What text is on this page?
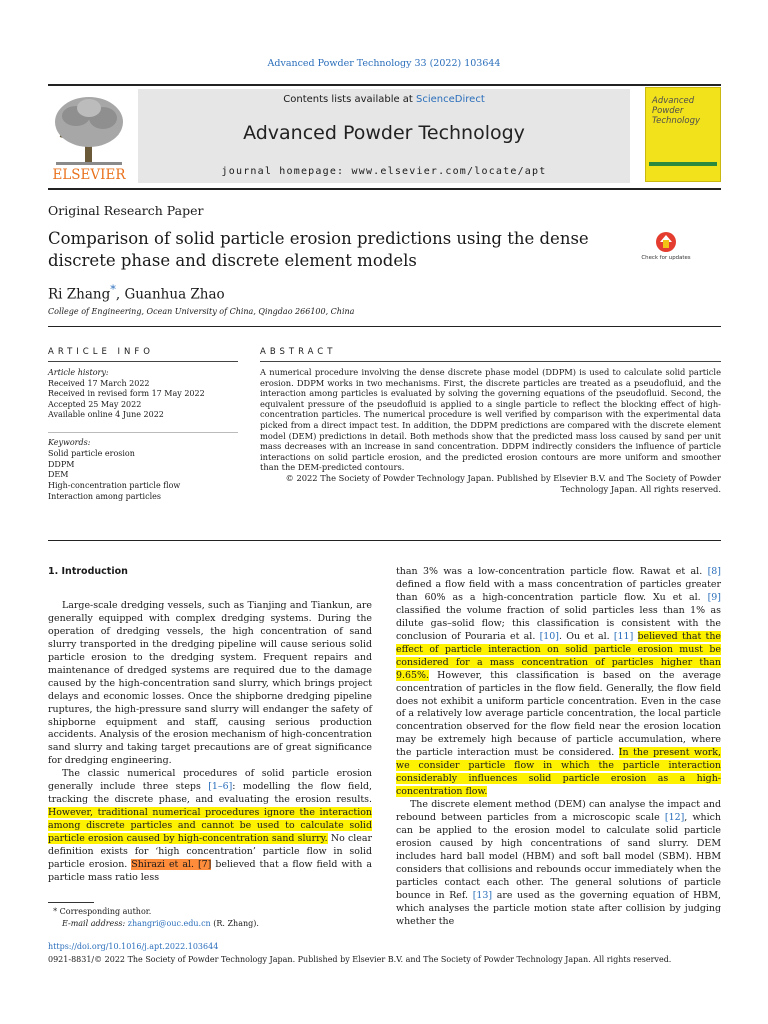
Advanced Powder Technology 33 (2022) 103644
ELSEVIER
Contents lists available at ScienceDirect
Advanced Powder Technology
journal homepage: www.elsevier.com/locate/apt
Advanced Powder Technology
Original Research Paper
Comparison of solid particle erosion predictions using the dense discrete phase and discrete element models	Check for updates
Ri Zhang*, Guanhua Zhao
College of Engineering, Ocean University of China, Qingdao 266100, China
ARTICLE INFO
Article history:
Received 17 March 2022
Received in revised form 17 May 2022
Accepted 25 May 2022
Available online 4 June 2022
Keywords:
Solid particle erosion
DDPM
DEM
High-concentration particle flow
Interaction among particles
ABSTRACT
A numerical procedure involving the dense discrete phase model (DDPM) is used to calculate solid particle erosion. DDPM works in two mechanisms. First, the discrete particles are treated as a pseudofluid, and the interaction among particles is evaluated by solving the governing equations of the pseudofluid. Second, the equivalent pressure of the pseudofluid is applied to a single particle to reflect the blocking effect of high-concentration particles. The numerical procedure is well verified by comparison with the experimental data picked from a direct impact test. In addition, the DDPM predictions are compared with the discrete element model (DEM) predictions in detail. Both methods show that the predicted mass loss caused by sand per unit mass decreases with an increase in sand concentration. DDPM indirectly considers the influence of particle interactions on solid particle erosion, and the predicted erosion contours are more uniform and smoother than the DEM-predicted contours.
© 2022 The Society of Powder Technology Japan. Published by Elsevier B.V. and The Society of Powder Technology Japan. All rights reserved.
1. Introduction

Large-scale dredging vessels, such as Tianjing and Tiankun, are generally equipped with complex dredging systems. During the operation of dredging vessels, the high concentration of sand slurry transported in the dredging pipeline will cause serious solid particle erosion to the dredging system. Frequent repairs and maintenance of dredged systems are required due to the damage caused by the high-concentration sand slurry, which brings project delays and economic losses. Once the shipborne dredging pipeline ruptures, the high-pressure sand slurry will endanger the safety of shipborne equipment and staff, causing serious production accidents. Analysis of the erosion mechanism of high-concentration sand slurry and taking target precautions are of great significance for dredging engineering.

The classic numerical procedures of solid particle erosion generally include three steps [1–6]: modelling the flow field, tracking the discrete phase, and evaluating the erosion results. However, traditional numerical procedures ignore the interaction among discrete particles and cannot be used to calculate solid particle erosion caused by high-concentration sand slurry. No clear definition exists for ‘high concentration’ particle flow in solid particle erosion. Shirazi et al. [7] believed that a flow field with a particle mass ratio less

than 3% was a low-concentration particle flow. Rawat et al. [8] defined a flow field with a mass concentration of particles greater than 60% as a high-concentration particle flow. Xu et al. [9] classified the volume fraction of solid particles less than 1% as dilute gas–solid flow; this classification is consistent with the conclusion of Pouraria et al. [10]. Ou et al. [11] believed that the effect of particle interaction on solid particle erosion must be considered for a mass concentration of particles higher than 9.65%. However, this classification is based on the average concentration of particles in the flow field. Generally, the flow field does not exhibit a uniform particle concentration. Even in the case of a relatively low average particle concentration, the local particle concentration observed for the flow field near the erosion location may be extremely high because of particle accumulation, where the particle interaction must be considered. In the present work, we consider particle flow in which the particle interaction considerably influences solid particle erosion as a high-concentration flow.

The discrete element method (DEM) can analyse the impact and rebound between particles from a microscopic scale [12], which can be applied to the erosion model to calculate solid particle erosion caused by high concentrations of sand slurry. DEM includes hard ball model (HBM) and soft ball model (SBM). HBM considers that collisions and rebounds occur immediately when the particles contact each other. The general solutions of particle bounce in Ref. [13] are used as the governing equation of HBM, which analyses the particle motion state after collision by judging whether the

* Corresponding author.
E-mail address: zhangri@ouc.edu.cn (R. Zhang).
https://doi.org/10.1016/j.apt.2022.103644
0921-8831/© 2022 The Society of Powder Technology Japan. Published by Elsevier B.V. and The Society of Powder Technology Japan. All rights reserved.
